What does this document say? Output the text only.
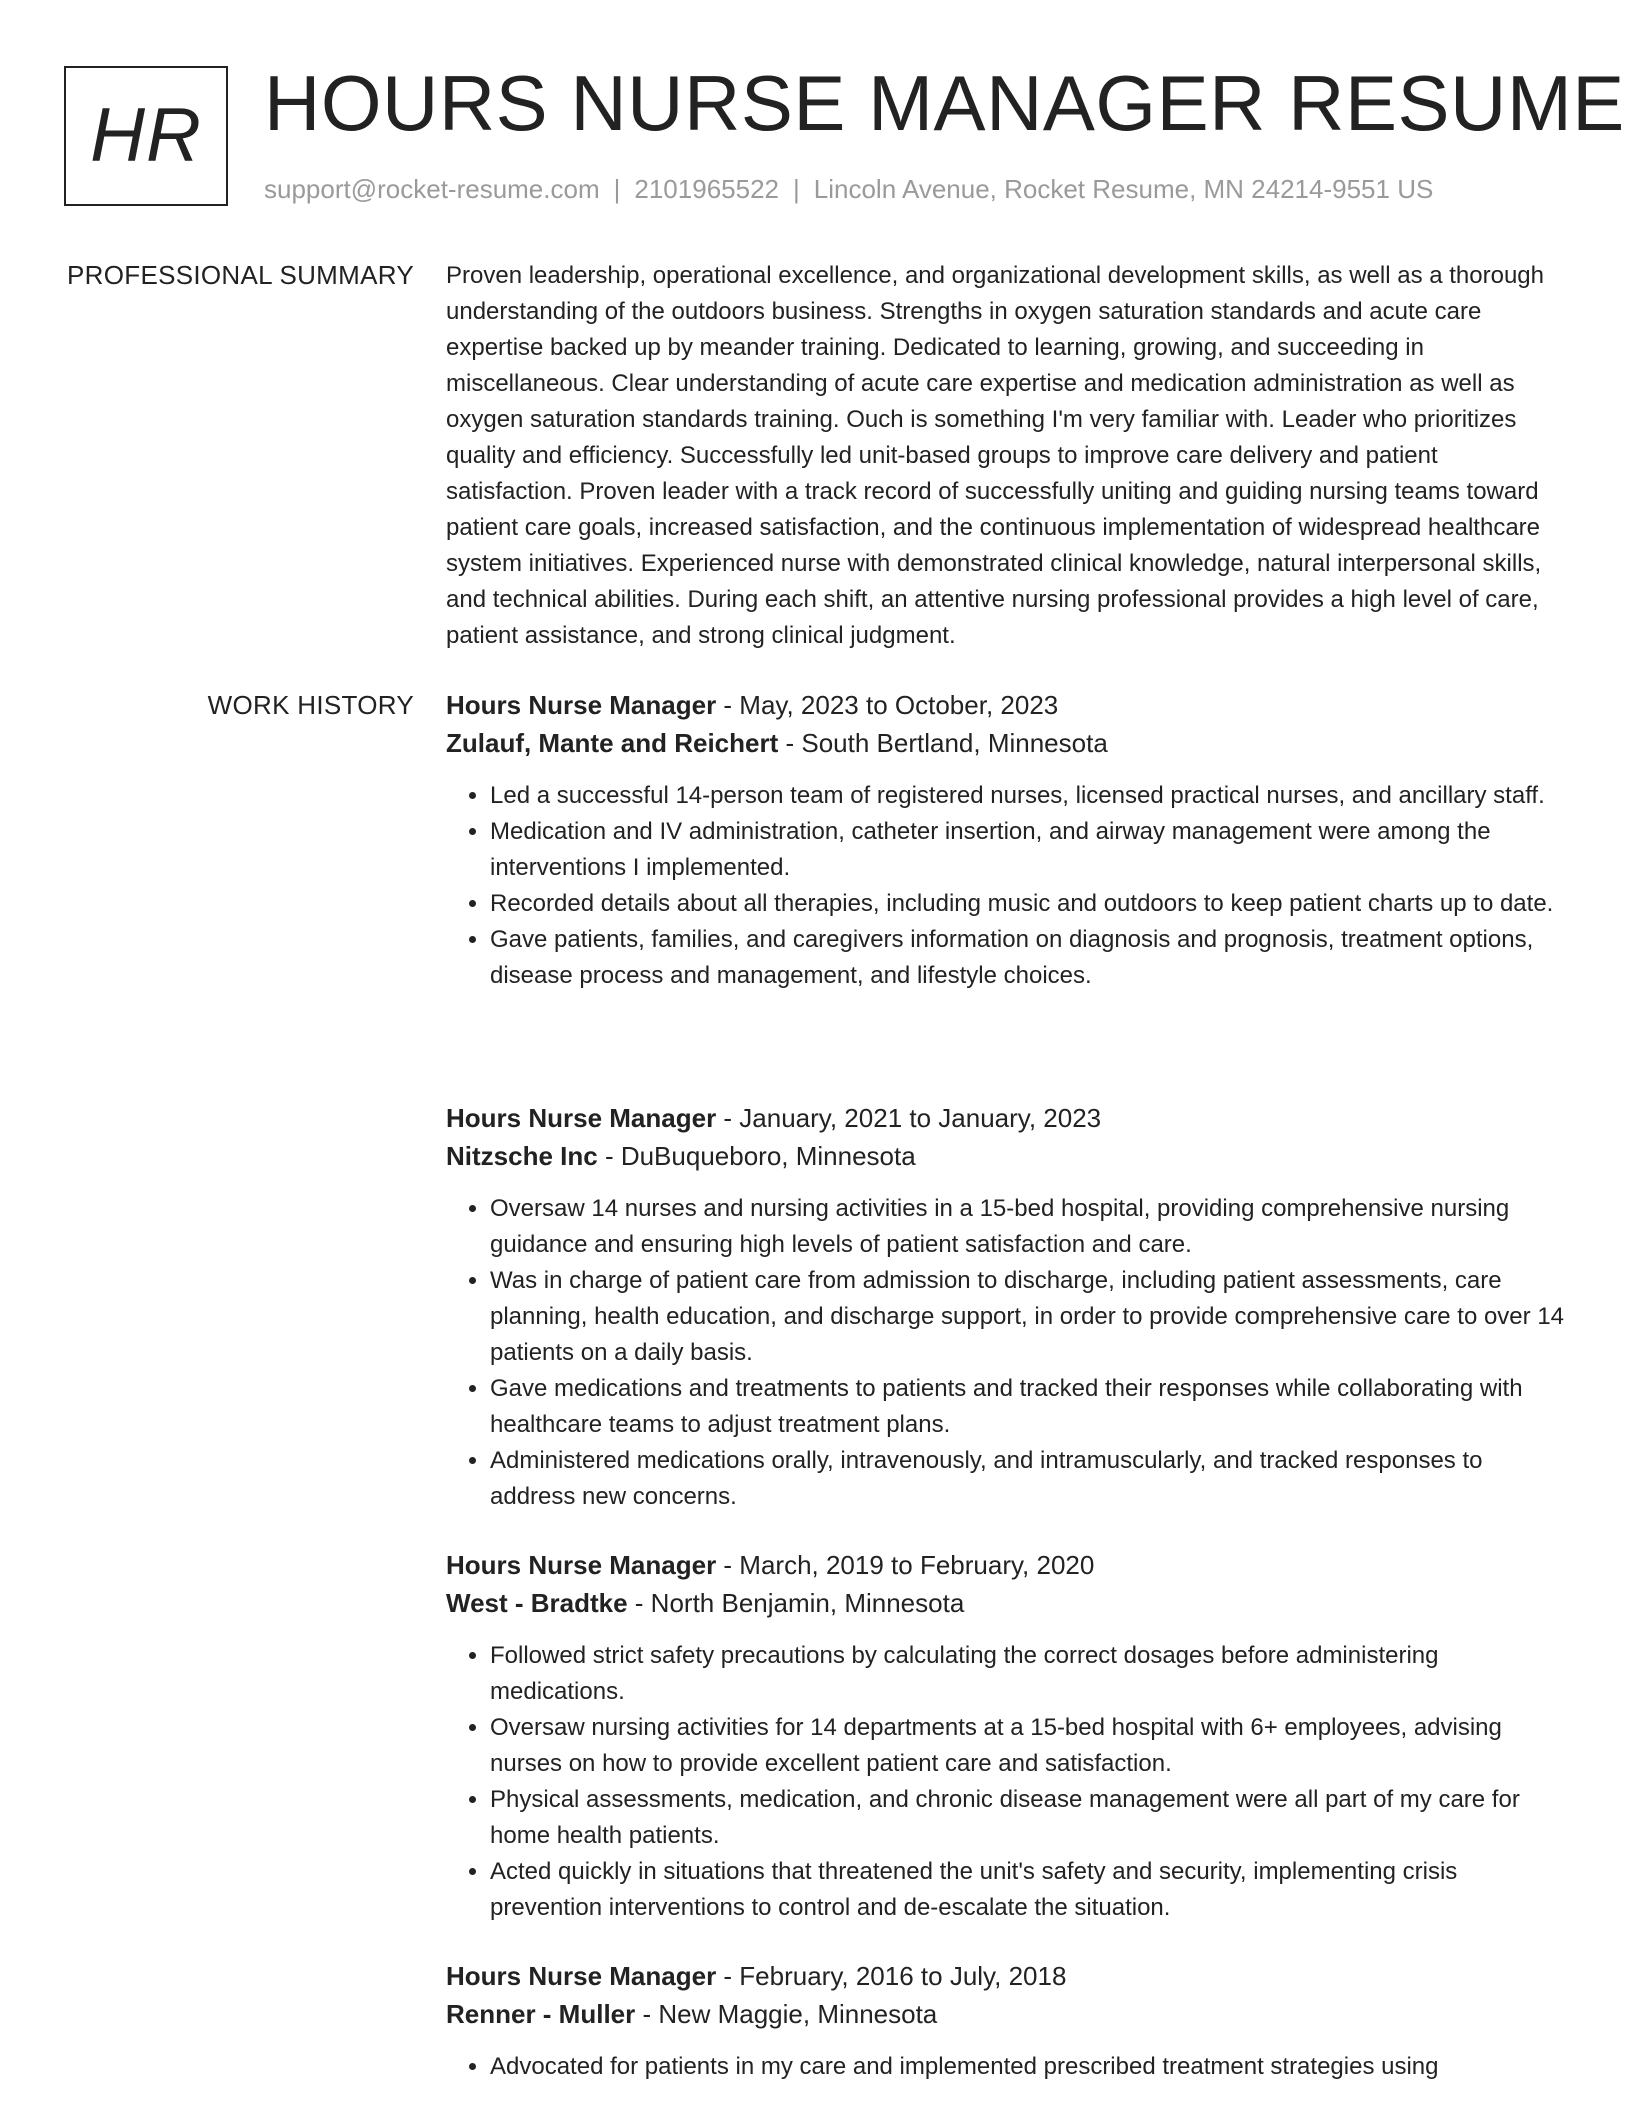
HR HOURS NURSE MANAGER RESUME
support@rocket-resume.com | 2101965522 | Lincoln Avenue, Rocket Resume, MN 24214-9551 US
PROFESSIONAL SUMMARY Proven leadership, operational excellence, and organizational development skills, as well as a thorough understanding of the outdoors business. Strengths in oxygen saturation standards and acute care expertise backed up by meander training. Dedicated to learning, growing, and succeeding in miscellaneous. Clear understanding of acute care expertise and medication administration as well as oxygen saturation standards training. Ouch is something I'm very familiar with. Leader who prioritizes quality and efficiency. Successfully led unit-based groups to improve care delivery and patient satisfaction. Proven leader with a track record of successfully uniting and guiding nursing teams toward patient care goals, increased satisfaction, and the continuous implementation of widespread healthcare system initiatives. Experienced nurse with demonstrated clinical knowledge, natural interpersonal skills, and technical abilities. During each shift, an attentive nursing professional provides a high level of care, patient assistance, and strong clinical judgment.

WORK HISTORY Hours Nurse Manager - May, 2023 to October, 2023

Zulauf, Mante and Reichert - South Bertland, Minnesota

• Led a successful 14-person team of registered nurses, licensed practical nurses, and ancillary staff.
• Medication and IV administration, catheter insertion, and airway management were among the interventions I implemented.
• Recorded details about all therapies, including music and outdoors to keep patient charts up to date.
• Gave patients, families, and caregivers information on diagnosis and prognosis, treatment options, disease process and management, and lifestyle choices.

Hours Nurse Manager - January, 2021 to January, 2023

Nitzsche Inc - DuBuqueboro, Minnesota

• Oversaw 14 nurses and nursing activities in a 15-bed hospital, providing comprehensive nursing guidance and ensuring high levels of patient satisfaction and care.
• Was in charge of patient care from admission to discharge, including patient assessments, care planning, health education, and discharge support, in order to provide comprehensive care to over 14 patients on a daily basis.
• Gave medications and treatments to patients and tracked their responses while collaborating with healthcare teams to adjust treatment plans.
• Administered medications orally, intravenously, and intramuscularly, and tracked responses to address new concerns.

Hours Nurse Manager - March, 2019 to February, 2020

West - Bradtke - North Benjamin, Minnesota

• Followed strict safety precautions by calculating the correct dosages before administering medications.
• Oversaw nursing activities for 14 departments at a 15-bed hospital with 6+ employees, advising nurses on how to provide excellent patient care and satisfaction.
• Physical assessments, medication, and chronic disease management were all part of my care for home health patients.
• Acted quickly in situations that threatened the unit's safety and security, implementing crisis prevention interventions to control and de-escalate the situation.

Hours Nurse Manager - February, 2016 to July, 2018

Renner - Muller - New Maggie, Minnesota

• Advocated for patients in my care and implemented prescribed treatment strategies using
